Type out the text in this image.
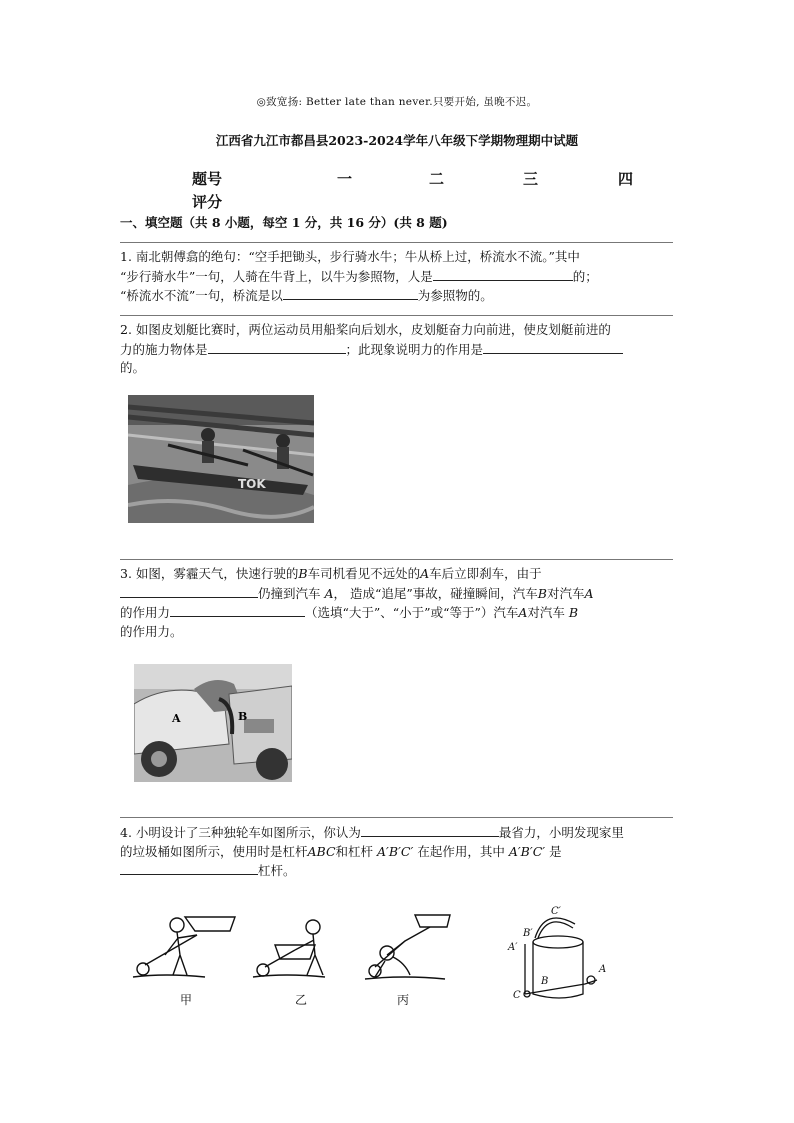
◎致宽扬: Better late than never.只要开始, 虽晚不迟。
江西省九江市都昌县2023-2024学年八年级下学期物理期中试题
题号	一	二	三	四
评分
一、填空题（共 8 小题，每空 1 分，共 16 分）(共 8 题)
1. 南北朝傅翕的绝句：“空手把锄头，步行骑水牛；牛从桥上过，桥流水不流。”其中
“步行骑水牛”一句，人骑在牛背上，以牛为参照物，人是	的；
“桥流水不流”一句，桥流是以	为参照物的。
2. 如图皮划艇比赛时，两位运动员用船桨向后划水，皮划艇奋力向前进，使皮划艇前进的
力的施力物体是	；此现象说明力的作用是
的。
TOK
3. 如图，雾霾天气，快速行驶的B车司机看见不远处的A车后立即刹车，由于
仍撞到汽车 A， 造成“追尾”事故，碰撞瞬间，汽车B对汽车A
的作用力	（选填“大于”、“小于”或“等于”）汽车A对汽车 B
的作用力。
A	B
4. 小明设计了三种独轮车如图所示，你认为	最省力，小明发现家里
的垃圾桶如图所示，使用时是杠杆ABC和杠杆 A′B′C′ 在起作用，其中 A′B′C′ 是
杠杆。
甲	乙	丙
C′
B′
A′
B
A
C
